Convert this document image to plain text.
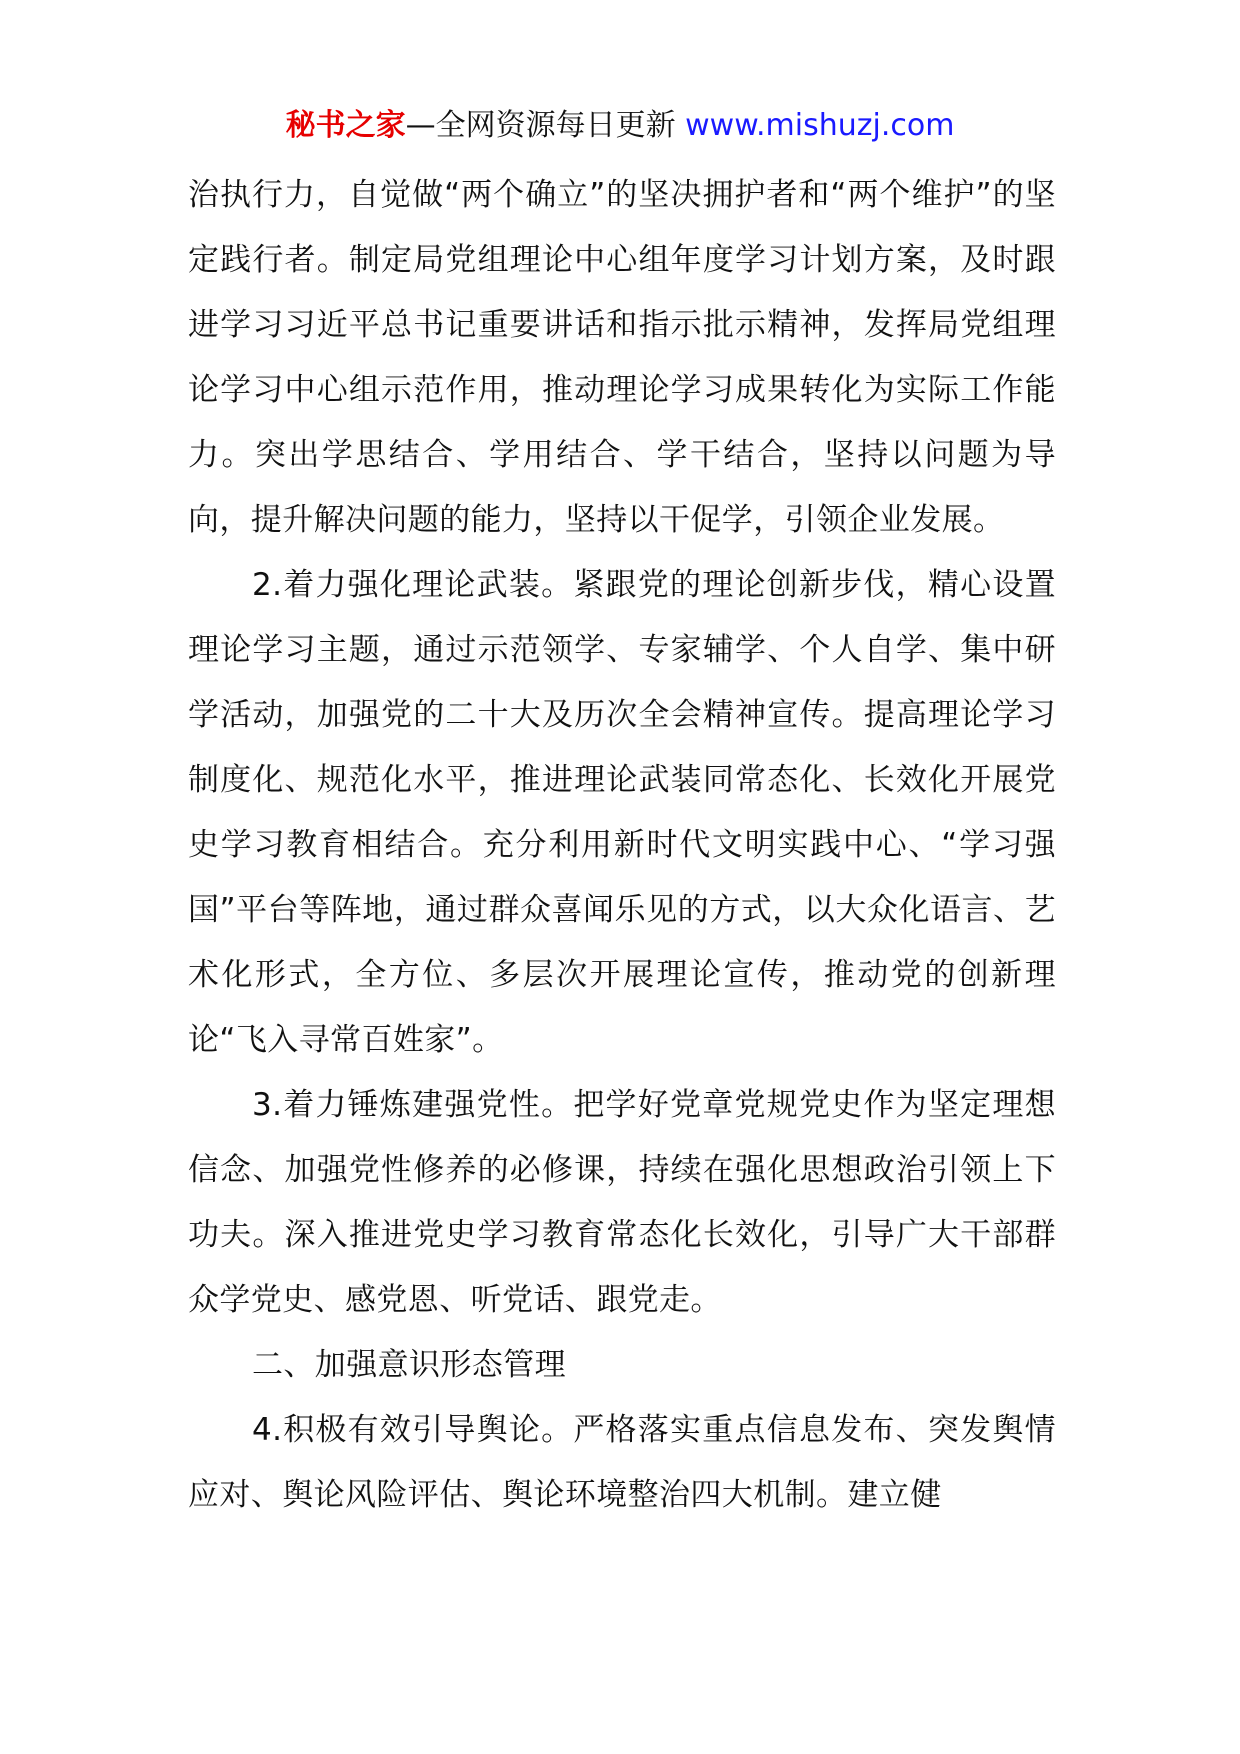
秘书之家—全网资源每日更新 www.mishuzj.com

治执行力，自觉做“两个确立”的坚决拥护者和“两个维护”的坚定践行者。制定局党组理论中心组年度学习计划方案，及时跟进学习习近平总书记重要讲话和指示批示精神，发挥局党组理论学习中心组示范作用，推动理论学习成果转化为实际工作能力。突出学思结合、学用结合、学干结合，坚持以问题为导向，提升解决问题的能力，坚持以干促学，引领企业发展。

2.着力强化理论武装。紧跟党的理论创新步伐，精心设置理论学习主题，通过示范领学、专家辅学、个人自学、集中研学活动，加强党的二十大及历次全会精神宣传。提高理论学习制度化、规范化水平，推进理论武装同常态化、长效化开展党史学习教育相结合。充分利用新时代文明实践中心、“学习强国”平台等阵地，通过群众喜闻乐见的方式，以大众化语言、艺术化形式，全方位、多层次开展理论宣传，推动党的创新理论“飞入寻常百姓家”。

3.着力锤炼建强党性。把学好党章党规党史作为坚定理想信念、加强党性修养的必修课，持续在强化思想政治引领上下功夫。深入推进党史学习教育常态化长效化，引导广大干部群众学党史、感党恩、听党话、跟党走。

二、加强意识形态管理

4.积极有效引导舆论。严格落实重点信息发布、突发舆情应对、舆论风险评估、舆论环境整治四大机制。建立健
